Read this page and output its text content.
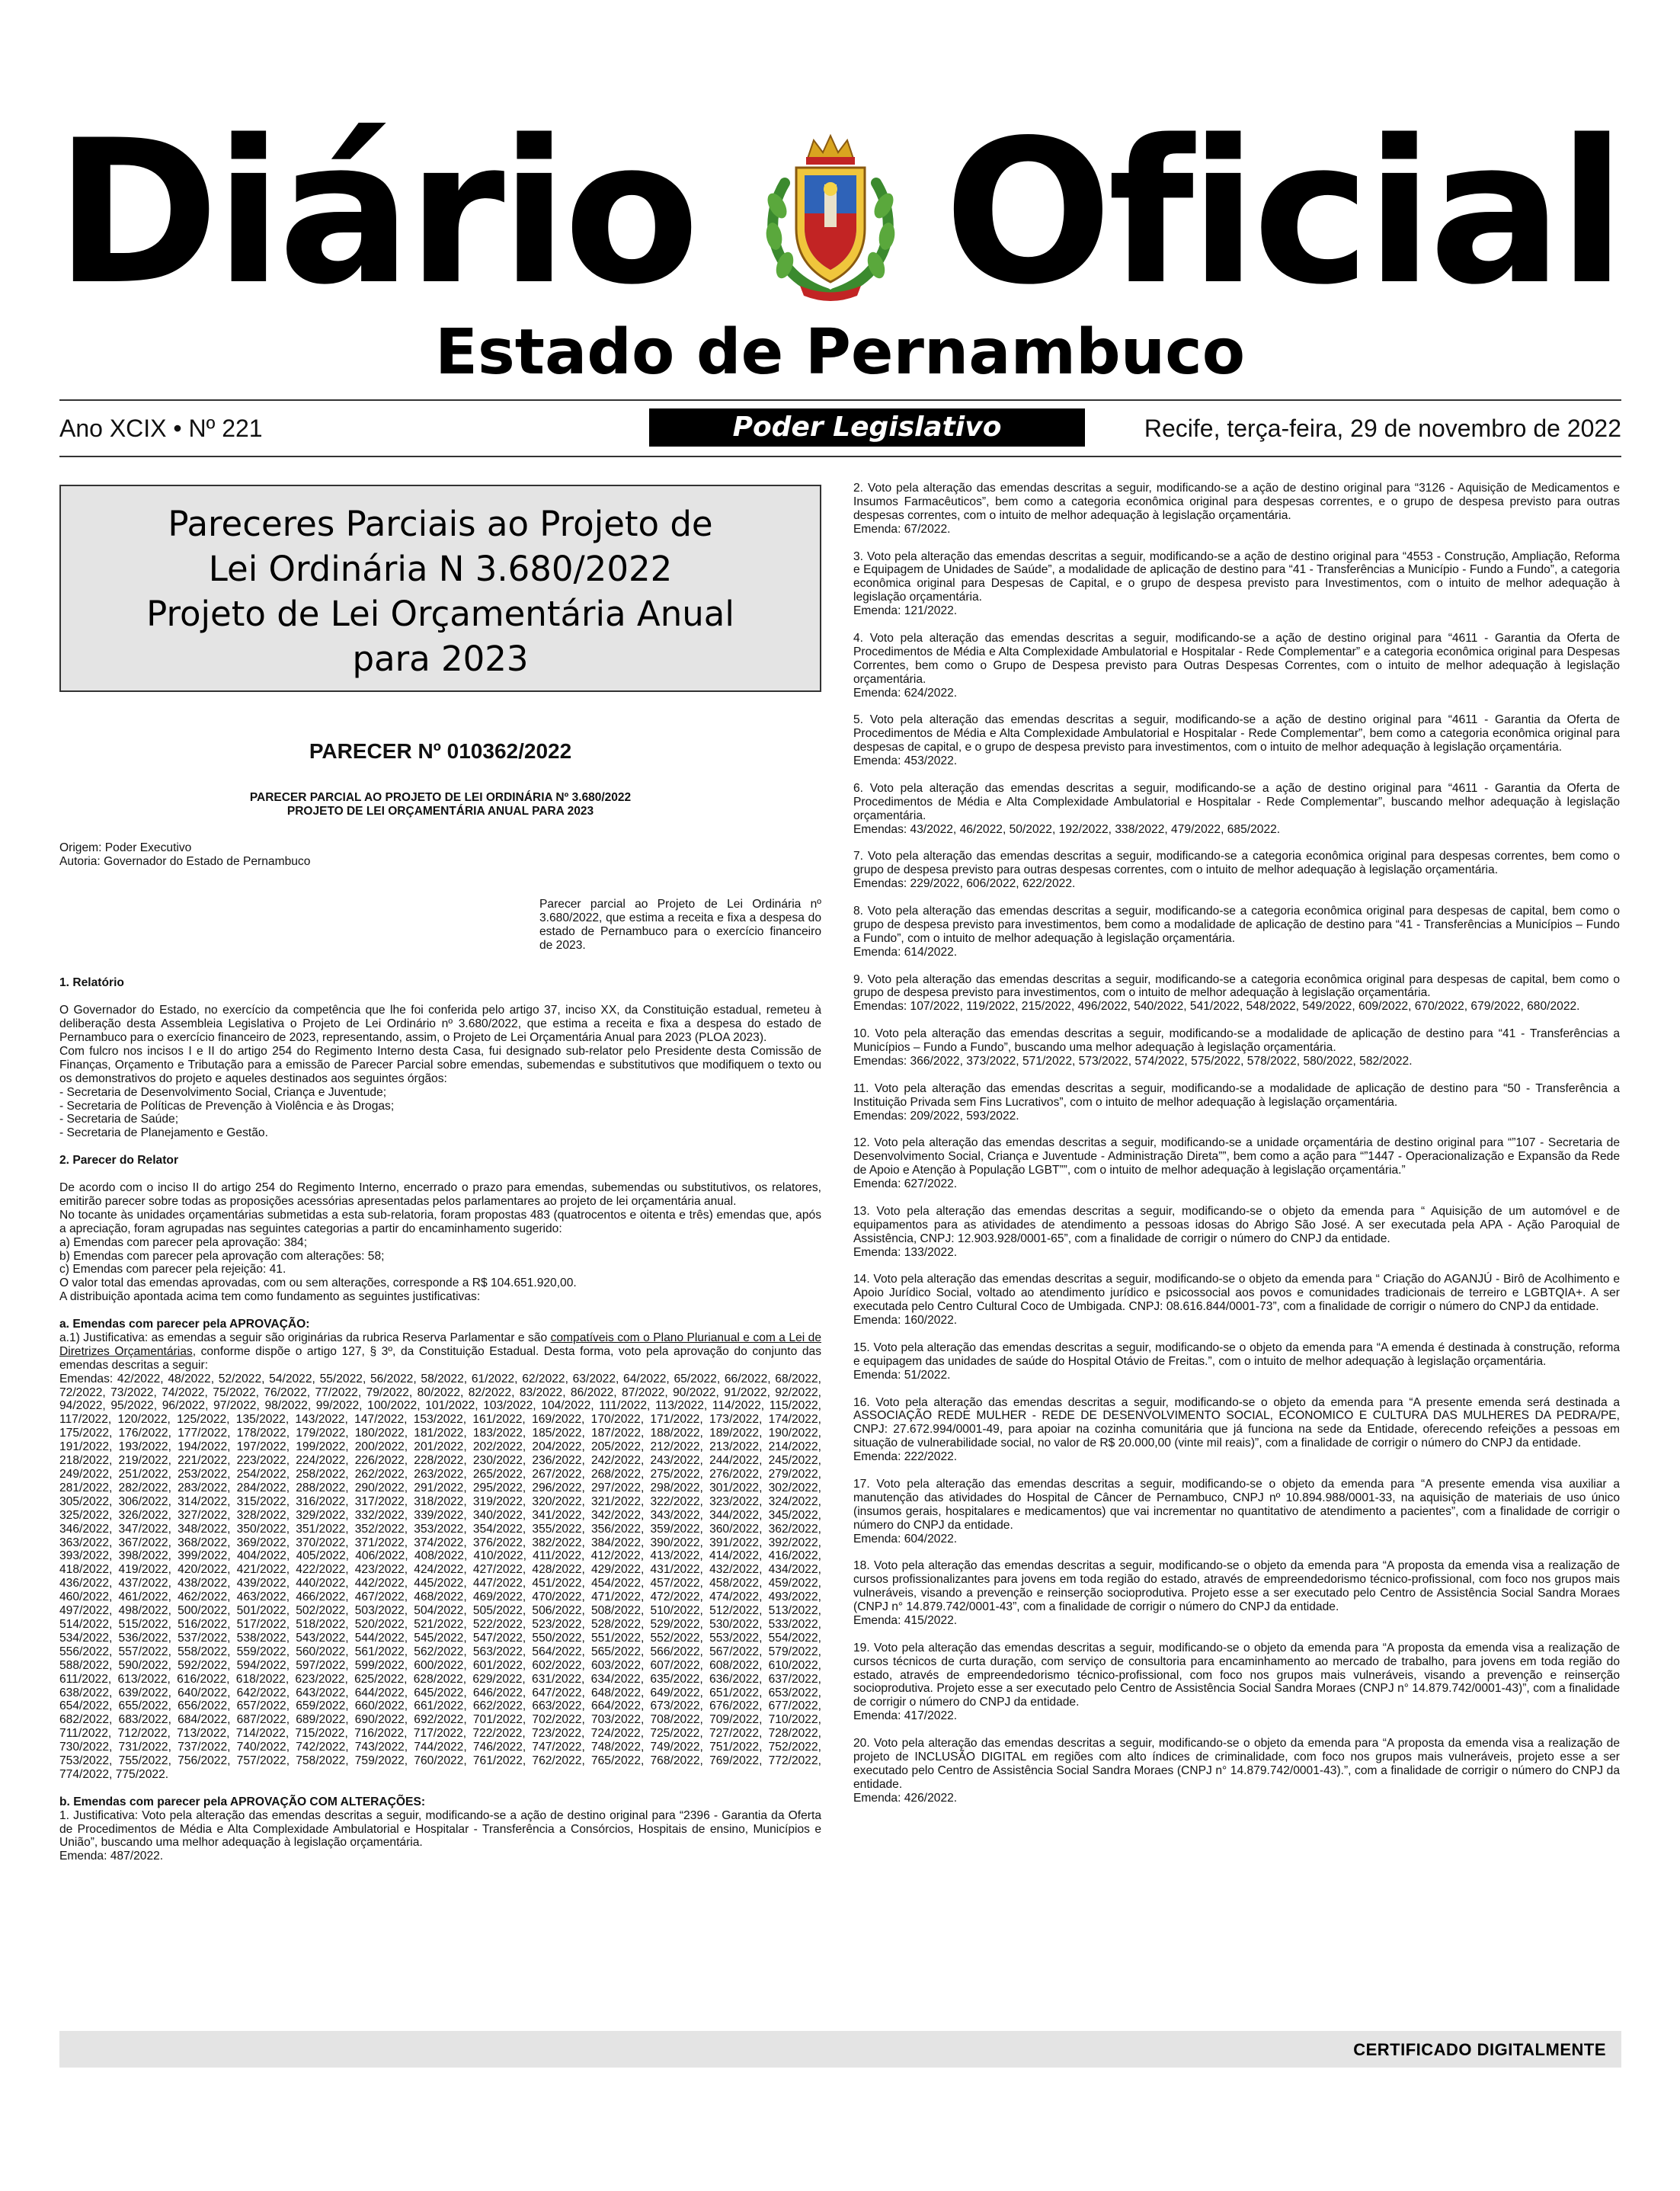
Diário Oficial
Estado de Pernambuco
Ano XCIX • Nº 221	Poder Legislativo	Recife, terça-feira, 29 de novembro de 2022
Pareceres Parciais ao Projeto de
Lei Ordinária N 3.680/2022
Projeto de Lei Orçamentária Anual
para 2023
PARECER Nº 010362/2022
PARECER PARCIAL AO PROJETO DE LEI ORDINÁRIA Nº 3.680/2022
PROJETO DE LEI ORÇAMENTÁRIA ANUAL PARA 2023
Origem: Poder Executivo
Autoria: Governador do Estado de Pernambuco

Parecer parcial ao Projeto de Lei Ordinária nº 3.680/2022, que estima a receita e fixa a despesa do estado de Pernambuco para o exercício financeiro de 2023.

1. Relatório

O Governador do Estado, no exercício da competência que lhe foi conferida pelo artigo 37, inciso XX, da Constituição estadual, remeteu à deliberação desta Assembleia Legislativa o Projeto de Lei Ordinário nº 3.680/2022, que estima a receita e fixa a despesa do estado de Pernambuco para o exercício financeiro de 2023, representando, assim, o Projeto de Lei Orçamentária Anual para 2023 (PLOA 2023).

Com fulcro nos incisos I e II do artigo 254 do Regimento Interno desta Casa, fui designado sub-relator pelo Presidente desta Comissão de Finanças, Orçamento e Tributação para a emissão de Parecer Parcial sobre emendas, subemendas e substitutivos que modifiquem o texto ou os demonstrativos do projeto e aqueles destinados aos seguintes órgãos:

- Secretaria de Desenvolvimento Social, Criança e Juventude;

- Secretaria de Políticas de Prevenção à Violência e às Drogas;

- Secretaria de Saúde;

- Secretaria de Planejamento e Gestão.

2. Parecer do Relator

De acordo com o inciso II do artigo 254 do Regimento Interno, encerrado o prazo para emendas, subemendas ou substitutivos, os relatores, emitirão parecer sobre todas as proposições acessórias apresentadas pelos parlamentares ao projeto de lei orçamentária anual.

No tocante às unidades orçamentárias submetidas a esta sub-relatoria, foram propostas 483 (quatrocentos e oitenta e três) emendas que, após a apreciação, foram agrupadas nas seguintes categorias a partir do encaminhamento sugerido:

a) Emendas com parecer pela aprovação: 384;

b) Emendas com parecer pela aprovação com alterações: 58;

c) Emendas com parecer pela rejeição: 41.

O valor total das emendas aprovadas, com ou sem alterações, corresponde a R$ 104.651.920,00.

A distribuição apontada acima tem como fundamento as seguintes justificativas:

a. Emendas com parecer pela APROVAÇÃO:

a.1) Justificativa: as emendas a seguir são originárias da rubrica Reserva Parlamentar e são compatíveis com o Plano Plurianual e com a Lei de Diretrizes Orçamentárias, conforme dispõe o artigo 127, § 3º, da Constituição Estadual. Desta forma, voto pela aprovação do conjunto das emendas descritas a seguir:

Emendas: 42/2022, 48/2022, 52/2022, 54/2022, 55/2022, 56/2022, 58/2022, 61/2022, 62/2022, 63/2022, 64/2022, 65/2022, 66/2022, 68/2022, 72/2022, 73/2022, 74/2022, 75/2022, 76/2022, 77/2022, 79/2022, 80/2022, 82/2022, 83/2022, 86/2022, 87/2022, 90/2022, 91/2022, 92/2022, 94/2022, 95/2022, 96/2022, 97/2022, 98/2022, 99/2022, 100/2022, 101/2022, 103/2022, 104/2022, 111/2022, 113/2022, 114/2022, 115/2022, 117/2022, 120/2022, 125/2022, 135/2022, 143/2022, 147/2022, 153/2022, 161/2022, 169/2022, 170/2022, 171/2022, 173/2022, 174/2022, 175/2022, 176/2022, 177/2022, 178/2022, 179/2022, 180/2022, 181/2022, 183/2022, 185/2022, 187/2022, 188/2022, 189/2022, 190/2022, 191/2022, 193/2022, 194/2022, 197/2022, 199/2022, 200/2022, 201/2022, 202/2022, 204/2022, 205/2022, 212/2022, 213/2022, 214/2022, 218/2022, 219/2022, 221/2022, 223/2022, 224/2022, 226/2022, 228/2022, 230/2022, 236/2022, 242/2022, 243/2022, 244/2022, 245/2022, 249/2022, 251/2022, 253/2022, 254/2022, 258/2022, 262/2022, 263/2022, 265/2022, 267/2022, 268/2022, 275/2022, 276/2022, 279/2022, 281/2022, 282/2022, 283/2022, 284/2022, 288/2022, 290/2022, 291/2022, 295/2022, 296/2022, 297/2022, 298/2022, 301/2022, 302/2022, 305/2022, 306/2022, 314/2022, 315/2022, 316/2022, 317/2022, 318/2022, 319/2022, 320/2022, 321/2022, 322/2022, 323/2022, 324/2022, 325/2022, 326/2022, 327/2022, 328/2022, 329/2022, 332/2022, 339/2022, 340/2022, 341/2022, 342/2022, 343/2022, 344/2022, 345/2022, 346/2022, 347/2022, 348/2022, 350/2022, 351/2022, 352/2022, 353/2022, 354/2022, 355/2022, 356/2022, 359/2022, 360/2022, 362/2022, 363/2022, 367/2022, 368/2022, 369/2022, 370/2022, 371/2022, 374/2022, 376/2022, 382/2022, 384/2022, 390/2022, 391/2022, 392/2022, 393/2022, 398/2022, 399/2022, 404/2022, 405/2022, 406/2022, 408/2022, 410/2022, 411/2022, 412/2022, 413/2022, 414/2022, 416/2022, 418/2022, 419/2022, 420/2022, 421/2022, 422/2022, 423/2022, 424/2022, 427/2022, 428/2022, 429/2022, 431/2022, 432/2022, 434/2022, 436/2022, 437/2022, 438/2022, 439/2022, 440/2022, 442/2022, 445/2022, 447/2022, 451/2022, 454/2022, 457/2022, 458/2022, 459/2022, 460/2022, 461/2022, 462/2022, 463/2022, 466/2022, 467/2022, 468/2022, 469/2022, 470/2022, 471/2022, 472/2022, 474/2022, 493/2022, 497/2022, 498/2022, 500/2022, 501/2022, 502/2022, 503/2022, 504/2022, 505/2022, 506/2022, 508/2022, 510/2022, 512/2022, 513/2022, 514/2022, 515/2022, 516/2022, 517/2022, 518/2022, 520/2022, 521/2022, 522/2022, 523/2022, 528/2022, 529/2022, 530/2022, 533/2022, 534/2022, 536/2022, 537/2022, 538/2022, 543/2022, 544/2022, 545/2022, 547/2022, 550/2022, 551/2022, 552/2022, 553/2022, 554/2022, 556/2022, 557/2022, 558/2022, 559/2022, 560/2022, 561/2022, 562/2022, 563/2022, 564/2022, 565/2022, 566/2022, 567/2022, 579/2022, 588/2022, 590/2022, 592/2022, 594/2022, 597/2022, 599/2022, 600/2022, 601/2022, 602/2022, 603/2022, 607/2022, 608/2022, 610/2022, 611/2022, 613/2022, 616/2022, 618/2022, 623/2022, 625/2022, 628/2022, 629/2022, 631/2022, 634/2022, 635/2022, 636/2022, 637/2022, 638/2022, 639/2022, 640/2022, 642/2022, 643/2022, 644/2022, 645/2022, 646/2022, 647/2022, 648/2022, 649/2022, 651/2022, 653/2022, 654/2022, 655/2022, 656/2022, 657/2022, 659/2022, 660/2022, 661/2022, 662/2022, 663/2022, 664/2022, 673/2022, 676/2022, 677/2022, 682/2022, 683/2022, 684/2022, 687/2022, 689/2022, 690/2022, 692/2022, 701/2022, 702/2022, 703/2022, 708/2022, 709/2022, 710/2022, 711/2022, 712/2022, 713/2022, 714/2022, 715/2022, 716/2022, 717/2022, 722/2022, 723/2022, 724/2022, 725/2022, 727/2022, 728/2022, 730/2022, 731/2022, 737/2022, 740/2022, 742/2022, 743/2022, 744/2022, 746/2022, 747/2022, 748/2022, 749/2022, 751/2022, 752/2022, 753/2022, 755/2022, 756/2022, 757/2022, 758/2022, 759/2022, 760/2022, 761/2022, 762/2022, 765/2022, 768/2022, 769/2022, 772/2022, 774/2022, 775/2022.

b. Emendas com parecer pela APROVAÇÃO COM ALTERAÇÕES:

1. Justificativa: Voto pela alteração das emendas descritas a seguir, modificando-se a ação de destino original para “2396 - Garantia da Oferta de Procedimentos de Média e Alta Complexidade Ambulatorial e Hospitalar - Transferência a Consórcios, Hospitais de ensino, Municípios e União”, buscando uma melhor adequação à legislação orçamentária.

Emenda: 487/2022.

2. Voto pela alteração das emendas descritas a seguir, modificando-se a ação de destino original para “3126 - Aquisição de Medicamentos e Insumos Farmacêuticos”, bem como a categoria econômica original para despesas correntes, e o grupo de despesa previsto para outras despesas correntes, com o intuito de melhor adequação à legislação orçamentária.

Emenda: 67/2022.

3. Voto pela alteração das emendas descritas a seguir, modificando-se a ação de destino original para “4553 - Construção, Ampliação, Reforma e Equipagem de Unidades de Saúde”, a modalidade de aplicação de destino para “41 - Transferências a Município - Fundo a Fundo”, a categoria econômica original para Despesas de Capital, e o grupo de despesa previsto para Investimentos, com o intuito de melhor adequação à legislação orçamentária.

Emenda: 121/2022.

4. Voto pela alteração das emendas descritas a seguir, modificando-se a ação de destino original para “4611 - Garantia da Oferta de Procedimentos de Média e Alta Complexidade Ambulatorial e Hospitalar - Rede Complementar” e a categoria econômica original para Despesas Correntes, bem como o Grupo de Despesa previsto para Outras Despesas Correntes, com o intuito de melhor adequação à legislação orçamentária.

Emenda: 624/2022.

5. Voto pela alteração das emendas descritas a seguir, modificando-se a ação de destino original para “4611 - Garantia da Oferta de Procedimentos de Média e Alta Complexidade Ambulatorial e Hospitalar - Rede Complementar”, bem como a categoria econômica original para despesas de capital, e o grupo de despesa previsto para investimentos, com o intuito de melhor adequação à legislação orçamentária.

Emenda: 453/2022.

6. Voto pela alteração das emendas descritas a seguir, modificando-se a ação de destino original para “4611 - Garantia da Oferta de Procedimentos de Média e Alta Complexidade Ambulatorial e Hospitalar - Rede Complementar”, buscando melhor adequação à legislação orçamentária.

Emendas: 43/2022, 46/2022, 50/2022, 192/2022, 338/2022, 479/2022, 685/2022.

7. Voto pela alteração das emendas descritas a seguir, modificando-se a categoria econômica original para despesas correntes, bem como o grupo de despesa previsto para outras despesas correntes, com o intuito de melhor adequação à legislação orçamentária.

Emendas: 229/2022, 606/2022, 622/2022.

8. Voto pela alteração das emendas descritas a seguir, modificando-se a categoria econômica original para despesas de capital, bem como o grupo de despesa previsto para investimentos, bem como a modalidade de aplicação de destino para “41 - Transferências a Municípios – Fundo a Fundo”, com o intuito de melhor adequação à legislação orçamentária.

Emenda: 614/2022.

9. Voto pela alteração das emendas descritas a seguir, modificando-se a categoria econômica original para despesas de capital, bem como o grupo de despesa previsto para investimentos, com o intuito de melhor adequação à legislação orçamentária.

Emendas: 107/2022, 119/2022, 215/2022, 496/2022, 540/2022, 541/2022, 548/2022, 549/2022, 609/2022, 670/2022, 679/2022, 680/2022.

10. Voto pela alteração das emendas descritas a seguir, modificando-se a modalidade de aplicação de destino para “41 - Transferências a Municípios – Fundo a Fundo”, buscando uma melhor adequação à legislação orçamentária.

Emendas: 366/2022, 373/2022, 571/2022, 573/2022, 574/2022, 575/2022, 578/2022, 580/2022, 582/2022.

11. Voto pela alteração das emendas descritas a seguir, modificando-se a modalidade de aplicação de destino para “50 - Transferência a Instituição Privada sem Fins Lucrativos”, com o intuito de melhor adequação à legislação orçamentária.

Emendas: 209/2022, 593/2022.

12. Voto pela alteração das emendas descritas a seguir, modificando-se a unidade orçamentária de destino original para “”107 - Secretaria de Desenvolvimento Social, Criança e Juventude - Administração Direta””, bem como a ação para “”1447 - Operacionalização e Expansão da Rede de Apoio e Atenção à População LGBT””, com o intuito de melhor adequação à legislação orçamentária.”

Emenda: 627/2022.

13. Voto pela alteração das emendas descritas a seguir, modificando-se o objeto da emenda para “ Aquisição de um automóvel e de equipamentos para as atividades de atendimento a pessoas idosas do Abrigo São José. A ser executada pela APA - Ação Paroquial de Assistência, CNPJ: 12.903.928/0001-65”, com a finalidade de corrigir o número do CNPJ da entidade.

Emenda: 133/2022.

14. Voto pela alteração das emendas descritas a seguir, modificando-se o objeto da emenda para “ Criação do AGANJÚ - Birô de Acolhimento e Apoio Jurídico Social, voltado ao atendimento jurídico e psicossocial aos povos e comunidades tradicionais de terreiro e LGBTQIA+. A ser executada pelo Centro Cultural Coco de Umbigada. CNPJ: 08.616.844/0001-73”, com a finalidade de corrigir o número do CNPJ da entidade.

Emenda: 160/2022.

15. Voto pela alteração das emendas descritas a seguir, modificando-se o objeto da emenda para “A emenda é destinada à construção, reforma e equipagem das unidades de saúde do Hospital Otávio de Freitas.”, com o intuito de melhor adequação à legislação orçamentária.

Emenda: 51/2022.

16. Voto pela alteração das emendas descritas a seguir, modificando-se o objeto da emenda para “A presente emenda será destinada a ASSOCIAÇÃO REDE MULHER - REDE DE DESENVOLVIMENTO SOCIAL, ECONOMICO E CULTURA DAS MULHERES DA PEDRA/PE, CNPJ: 27.672.994/0001-49, para apoiar na cozinha comunitária que já funciona na sede da Entidade, oferecendo refeições a pessoas em situação de vulnerabilidade social, no valor de R$ 20.000,00 (vinte mil reais)”, com a finalidade de corrigir o número do CNPJ da entidade.

Emenda: 222/2022.

17. Voto pela alteração das emendas descritas a seguir, modificando-se o objeto da emenda para “A presente emenda visa auxiliar a manutenção das atividades do Hospital de Câncer de Pernambuco, CNPJ nº 10.894.988/0001-33, na aquisição de materiais de uso único (insumos gerais, hospitalares e medicamentos) que vai incrementar no quantitativo de atendimento a pacientes”, com a finalidade de corrigir o número do CNPJ da entidade.

Emenda: 604/2022.

18. Voto pela alteração das emendas descritas a seguir, modificando-se o objeto da emenda para “A proposta da emenda visa a realização de cursos profissionalizantes para jovens em toda região do estado, através de empreendedorismo técnico-profissional, com foco nos grupos mais vulneráveis, visando a prevenção e reinserção socioprodutiva. Projeto esse a ser executado pelo Centro de Assistência Social Sandra Moraes (CNPJ n° 14.879.742/0001-43”, com a finalidade de corrigir o número do CNPJ da entidade.

Emenda: 415/2022.

19. Voto pela alteração das emendas descritas a seguir, modificando-se o objeto da emenda para “A proposta da emenda visa a realização de cursos técnicos de curta duração, com serviço de consultoria para encaminhamento ao mercado de trabalho, para jovens em toda região do estado, através de empreendedorismo técnico-profissional, com foco nos grupos mais vulneráveis, visando a prevenção e reinserção socioprodutiva. Projeto esse a ser executado pelo Centro de Assistência Social Sandra Moraes (CNPJ n° 14.879.742/0001-43)”, com a finalidade de corrigir o número do CNPJ da entidade.

Emenda: 417/2022.

20. Voto pela alteração das emendas descritas a seguir, modificando-se o objeto da emenda para “A proposta da emenda visa a realização de projeto de INCLUSÃO DIGITAL em regiões com alto índices de criminalidade, com foco nos grupos mais vulneráveis, projeto esse a ser executado pelo Centro de Assistência Social Sandra Moraes (CNPJ n° 14.879.742/0001-43).”, com a finalidade de corrigir o número do CNPJ da entidade.

Emenda: 426/2022.

CERTIFICADO DIGITALMENTE
